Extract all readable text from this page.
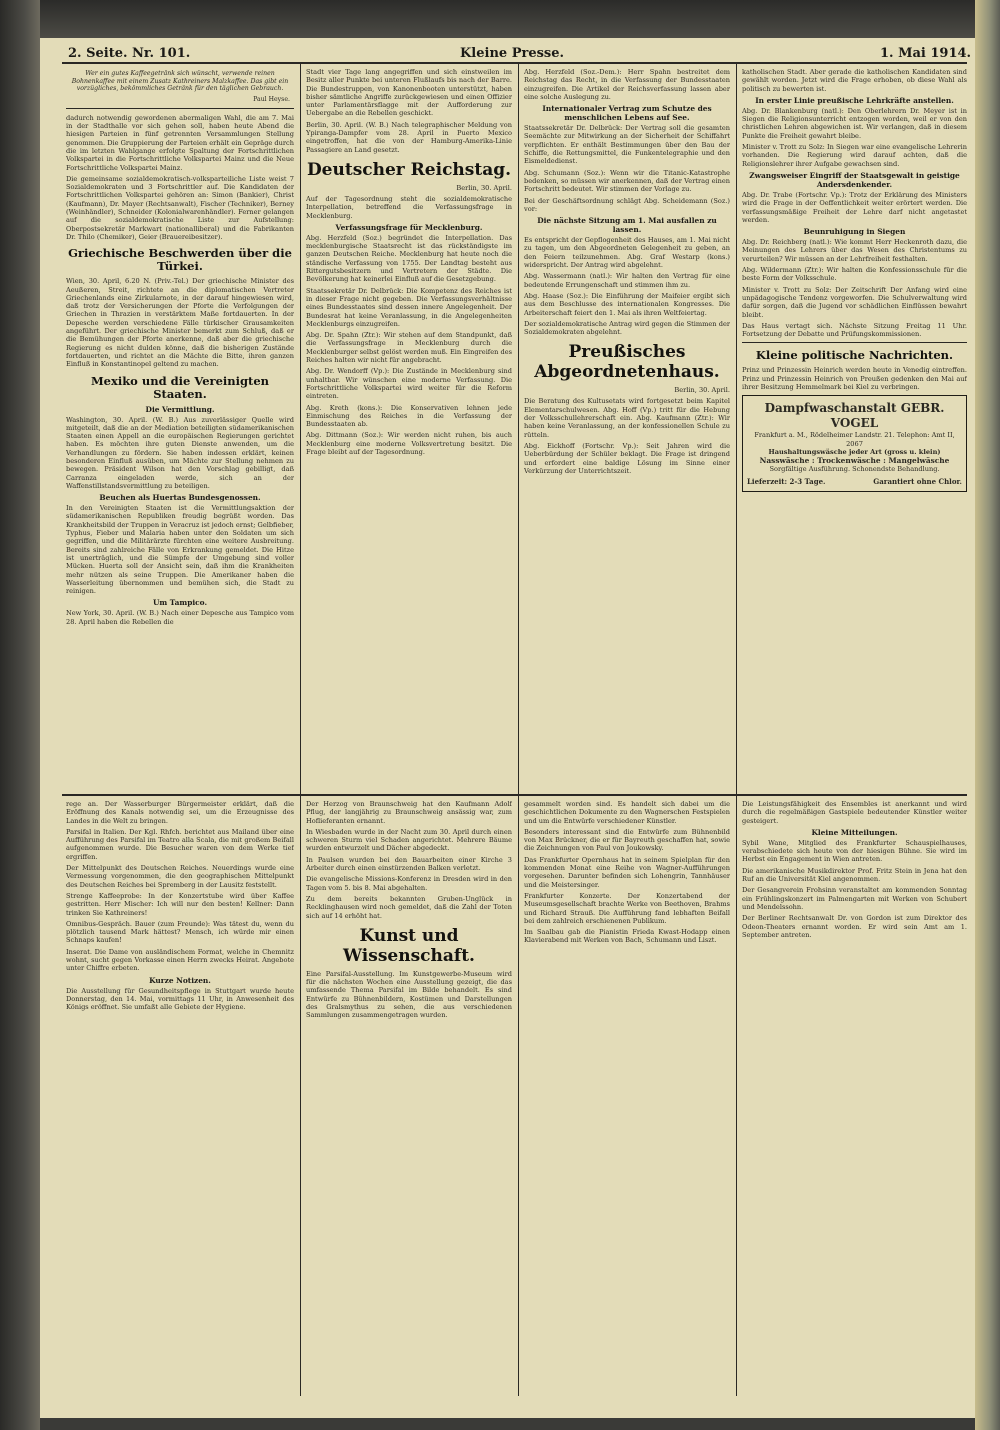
2. Seite. Nr. 101.	Kleine Presse.	1. Mai 1914.

Wer ein gutes Kaffeegetränk sich wünscht, verwende reinen Bohnenkaffee mit einem Zusatz Kathreiners Malzkaffee. Das gibt ein vorzügliches, bekömmliches Getränk für den täglichen Gebrauch.

Paul Heyse.

dadurch notwendig gewordenen abermaligen Wahl, die am 7. Mai in der Stadthalle vor sich gehen soll, haben heute Abend die hiesigen Parteien in fünf getrennten Versammlungen Stellung genommen. Die Gruppierung der Parteien erhält ein Gepräge durch die im letzten Wahlgange erfolgte Spaltung der Fortschrittlichen Volkspartei in die Fortschrittliche Volkspartei Mainz und die Neue Fortschrittliche Volkspartei Mainz.

Die gemeinsame sozialdemokratisch-volksparteiliche Liste weist 7 Sozialdemokraten und 3 Fortschrittler auf. Die Kandidaten der Fortschrittlichen Volkspartei gehören an: Simon (Bankier), Christ (Kaufmann), Dr. Mayer (Rechtsanwalt), Fischer (Techniker), Berney (Weinhändler), Schneider (Kolonialwarenhändler). Ferner gelangen auf die sozialdemokratische Liste zur Aufstellung: Oberpostsekretär Markwart (nationalliberal) und die Fabrikanten Dr. Thilo (Chemiker), Geier (Brauereibesitzer).

Griechische Beschwerden über die Türkei.

Wien, 30. April, 6.20 N. (Priv.-Tel.) Der griechische Minister des Aeußeren, Streit, richtete an die diplomatischen Vertreter Griechenlands eine Zirkularnote, in der darauf hingewiesen wird, daß trotz der Versicherungen der Pforte die Verfolgungen der Griechen in Thrazien in verstärktem Maße fortdauerten. In der Depesche werden verschiedene Fälle türkischer Grausamkeiten angeführt. Der griechische Minister bemerkt zum Schluß, daß er die Bemühungen der Pforte anerkenne, daß aber die griechische Regierung es nicht dulden könne, daß die bisherigen Zustände fortdauerten, und richtet an die Mächte die Bitte, ihren ganzen Einfluß in Konstantinopel geltend zu machen.

Mexiko und die Vereinigten Staaten.
Die Vermittlung.

Washington, 30. April. (W. B.) Aus zuverlässiger Quelle wird mitgeteilt, daß die an der Mediation beteiligten südamerikanischen Staaten einen Appell an die europäischen Regierungen gerichtet haben. Es möchten ihre guten Dienste anwenden, um die Verhandlungen zu fördern. Sie haben indessen erklärt, keinen besonderen Einfluß ausüben, um Mächte zur Stellung nehmen zu bewegen. Präsident Wilson hat den Vorschlag gebilligt, daß Carranza eingeladen werde, sich an der Waffenstillstandsvermittlung zu beteiligen.

Beuchen als Huertas Bundesgenossen.

In den Vereinigten Staaten ist die Vermittlungsaktion der südamerikanischen Republiken freudig begrüßt worden. Das Krankheitsbild der Truppen in Veracruz ist jedoch ernst; Gelbfieber, Typhus, Fieber und Malaria haben unter den Soldaten um sich gegriffen, und die Militärärzte fürchten eine weitere Ausbreitung. Bereits sind zahlreiche Fälle von Erkrankung gemeldet. Die Hitze ist unerträglich, und die Sümpfe der Umgebung sind voller Mücken. Huerta soll der Ansicht sein, daß ihm die Krankheiten mehr nützen als seine Truppen. Die Amerikaner haben die Wasserleitung übernommen und bemühen sich, die Stadt zu reinigen.

Um Tampico.

New York, 30. April. (W. B.) Nach einer Depesche aus Tampico vom 28. April haben die Rebellen die

Stadt vier Tage lang angegriffen und sich einstweilen im Besitz aller Punkte bei unteren Flußlaufs bis nach der Barre. Die Bundestruppen, von Kanonenbooten unterstützt, haben bisher sämtliche Angriffe zurückgewiesen und einen Offizier unter Parlamentärsflagge mit der Aufforderung zur Uebergabe an die Rebellen geschickt.

Berlin, 30. April. (W. B.) Nach telegraphischer Meldung von Ypiranga-Dampfer vom 28. April in Puerto Mexico eingetroffen, hat die von der Hamburg-Amerika-Linie Passagiere an Land gesetzt.

Deutscher Reichstag.
Berlin, 30. April.

Auf der Tagesordnung steht die sozialdemokratische Interpellation, betreffend die Verfassungsfrage in Mecklenburg.

Verfassungsfrage für Mecklenburg.

Abg. Herzfeld (Soz.) begründet die Interpellation. Das mecklenburgische Staatsrecht ist das rückständigste im ganzen Deutschen Reiche. Mecklenburg hat heute noch die ständische Verfassung von 1755. Der Landtag besteht aus Rittergutsbesitzern und Vertretern der Städte. Die Bevölkerung hat keinerlei Einfluß auf die Gesetzgebung.

Staatssekretär Dr. Delbrück: Die Kompetenz des Reiches ist in dieser Frage nicht gegeben. Die Verfassungsverhältnisse eines Bundesstaates sind dessen innere Angelegenheit. Der Bundesrat hat keine Veranlassung, in die Angelegenheiten Mecklenburgs einzugreifen.

Abg. Dr. Spahn (Ztr.): Wir stehen auf dem Standpunkt, daß die Verfassungsfrage in Mecklenburg durch die Mecklenburger selbst gelöst werden muß. Ein Eingreifen des Reiches halten wir nicht für angebracht.

Abg. Dr. Wendorff (Vp.): Die Zustände in Mecklenburg sind unhaltbar. Wir wünschen eine moderne Verfassung. Die Fortschrittliche Volkspartei wird weiter für die Reform eintreten.

Abg. Kreth (kons.): Die Konservativen lehnen jede Einmischung des Reiches in die Verfassung der Bundesstaaten ab.

Abg. Dittmann (Soz.): Wir werden nicht ruhen, bis auch Mecklenburg eine moderne Volksvertretung besitzt. Die Frage bleibt auf der Tagesordnung.

Abg. Herzfeld (Soz.-Dem.): Herr Spahn bestreitet dem Reichstag das Recht, in die Verfassung der Bundesstaaten einzugreifen. Die Artikel der Reichsverfassung lassen aber eine solche Auslegung zu.

Internationaler Vertrag zum Schutze des menschlichen Lebens auf See.

Staatssekretär Dr. Delbrück: Der Vertrag soll die gesamten Seemächte zur Mitwirkung an der Sicherheit der Schiffahrt verpflichten. Er enthält Bestimmungen über den Bau der Schiffe, die Rettungsmittel, die Funkentelegraphie und den Eismeldedienst.

Abg. Schumann (Soz.): Wenn wir die Titanic-Katastrophe bedenken, so müssen wir anerkennen, daß der Vertrag einen Fortschritt bedeutet. Wir stimmen der Vorlage zu.

Bei der Geschäftsordnung schlägt Abg. Scheidemann (Soz.) vor:

Die nächste Sitzung am 1. Mai ausfallen zu lassen.

Es entspricht der Gepflogenheit des Hauses, am 1. Mai nicht zu tagen, um den Abgeordneten Gelegenheit zu geben, an den Feiern teilzunehmen. Abg. Graf Westarp (kons.) widerspricht. Der Antrag wird abgelehnt.

Abg. Wassermann (natl.): Wir halten den Vertrag für eine bedeutende Errungenschaft und stimmen ihm zu.

Abg. Haase (Soz.): Die Einführung der Maifeier ergibt sich aus dem Beschlusse des internationalen Kongresses. Die Arbeiterschaft feiert den 1. Mai als ihren Weltfeiertag.

Der sozialdemokratische Antrag wird gegen die Stimmen der Sozialdemokraten abgelehnt.

Preußisches Abgeordnetenhaus.
Berlin, 30. April.

Die Beratung des Kultusetats wird fortgesetzt beim Kapitel Elementarschulwesen. Abg. Hoff (Vp.) tritt für die Hebung der Volksschullehrerschaft ein. Abg. Kaufmann (Ztr.): Wir haben keine Veranlassung, an der konfessionellen Schule zu rütteln.

Abg. Eickhoff (Fortschr. Vp.): Seit Jahren wird die Ueberbürdung der Schüler beklagt. Die Frage ist dringend und erfordert eine baldige Lösung im Sinne einer Verkürzung der Unterrichtszeit.

katholischen Stadt. Aber gerade die katholischen Kandidaten sind gewählt worden. Jetzt wird die Frage erhoben, ob diese Wahl als politisch zu bewerten ist.

In erster Linie preußische Lehrkräfte anstellen.

Abg. Dr. Blankenburg (natl.): Den Oberlehrern Dr. Meyer ist in Siegen die Religionsunterricht entzogen worden, weil er von den christlichen Lehren abgewichen ist. Wir verlangen, daß in diesem Punkte die Freiheit gewahrt bleibe.

Minister v. Trott zu Solz: In Siegen war eine evangelische Lehrerin vorhanden. Die Regierung wird darauf achten, daß die Religionslehrer ihrer Aufgabe gewachsen sind.

Zwangsweiser Eingriff der Staatsgewalt in geistige Andersdenkender.

Abg. Dr. Trabe (Fortschr. Vp.): Trotz der Erklärung des Ministers wird die Frage in der Oeffentlichkeit weiter erörtert werden. Die verfassungsmäßige Freiheit der Lehre darf nicht angetastet werden.

Beunruhigung in Siegen

Abg. Dr. Reichberg (natl.): Wie kommt Herr Heckenroth dazu, die Meinungen des Lehrers über das Wesen des Christentums zu verurteilen? Wir müssen an der Lehrfreiheit festhalten.

Abg. Wildermann (Ztr.): Wir halten die Konfessionsschule für die beste Form der Volksschule.

Minister v. Trott zu Solz: Der Zeitschrift Der Anfang wird eine unpädagogische Tendenz vorgeworfen. Die Schulverwaltung wird dafür sorgen, daß die Jugend vor schädlichen Einflüssen bewahrt bleibt.

Das Haus vertagt sich. Nächste Sitzung Freitag 11 Uhr. Fortsetzung der Debatte und Prüfungskommissionen.

Kleine politische Nachrichten.

Prinz und Prinzessin Heinrich werden heute in Venedig eintreffen. Prinz und Prinzessin Heinrich von Preußen gedenken den Mai auf ihrer Besitzung Hemmelmark bei Kiel zu verbringen.

Dampfwaschanstalt GEBR. VOGEL
Frankfurt a. M., Rödelheimer Landstr. 21. Telephon: Amt II, 2067
Haushaltungswäsche jeder Art (gross u. klein)
Nasswäsche : Trockenwäsche : Mangelwäsche
Sorgfältige Ausführung. Schonendste Behandlung.
Lieferzeit: 2-3 Tage.	Garantiert ohne Chlor.

rege an. Der Wasserburger Bürgermeister erklärt, daß die Eröffnung des Kanals notwendig sei, um die Erzeugnisse des Landes in die Welt zu bringen.

Parsifal in Italien. Der Kgl. Rhfch. berichtet aus Mailand über eine Aufführung des Parsifal im Teatro alla Scala, die mit großem Beifall aufgenommen wurde. Die Besucher waren von dem Werke tief ergriffen.

Der Mittelpunkt des Deutschen Reiches. Neuerdings wurde eine Vermessung vorgenommen, die den geographischen Mittelpunkt des Deutschen Reiches bei Spremberg in der Lausitz feststellt.

Strenge Kaffeeprobe: In der Konzertstube wird über Kaffee gestritten. Herr Mischer: Ich will nur den besten! Kellner: Dann trinken Sie Kathreiners!

Omnibus-Gespräch. Bauer (zum Freunde): Was tätest du, wenn du plötzlich tausend Mark hättest? Mensch, ich würde mir einen Schnaps kaufen!

Inserat. Die Dame von ausländischem Format, welche in Chemnitz wohnt, sucht gegen Vorkasse einen Herrn zwecks Heirat. Angebote unter Chiffre erbeten.

Kurze Notizen.

Die Ausstellung für Gesundheitspflege in Stuttgart wurde heute Donnerstag, den 14. Mai, vormittags 11 Uhr, in Anwesenheit des Königs eröffnet. Sie umfaßt alle Gebiete der Hygiene.

Der Herzog von Braunschweig hat den Kaufmann Adolf Pflug, der langjährig zu Braunschweig ansässig war, zum Hoflieferanten ernannt.

In Wiesbaden wurde in der Nacht zum 30. April durch einen schweren Sturm viel Schaden angerichtet. Mehrere Bäume wurden entwurzelt und Dächer abgedeckt.

In Paulsen wurden bei den Bauarbeiten einer Kirche 3 Arbeiter durch einen einstürzenden Balken verletzt.

Die evangelische Missions-Konferenz in Dresden wird in den Tagen vom 5. bis 8. Mai abgehalten.

Zu dem bereits bekannten Gruben-Unglück in Recklinghausen wird noch gemeldet, daß die Zahl der Toten sich auf 14 erhöht hat.

Kunst und Wissenschaft.

Eine Parsifal-Ausstellung. Im Kunstgewerbe-Museum wird für die nächsten Wochen eine Ausstellung gezeigt, die das umfassende Thema Parsifal im Bilde behandelt. Es sind Entwürfe zu Bühnenbildern, Kostümen und Darstellungen des Gralsmythus zu sehen, die aus verschiedenen Sammlungen zusammengetragen wurden.

gesammelt worden sind. Es handelt sich dabei um die geschichtlichen Dokumente zu den Wagnerschen Festspielen und um die Entwürfe verschiedener Künstler.

Besonders interessant sind die Entwürfe zum Bühnenbild von Max Brückner, die er für Bayreuth geschaffen hat, sowie die Zeichnungen von Paul von Joukowsky.

Das Frankfurter Opernhaus hat in seinem Spielplan für den kommenden Monat eine Reihe von Wagner-Aufführungen vorgesehen. Darunter befinden sich Lohengrin, Tannhäuser und die Meistersinger.

Frankfurter Konzerte. Der Konzertabend der Museumsgesellschaft brachte Werke von Beethoven, Brahms und Richard Strauß. Die Aufführung fand lebhaften Beifall bei dem zahlreich erschienenen Publikum.

Im Saalbau gab die Pianistin Frieda Kwast-Hodapp einen Klavierabend mit Werken von Bach, Schumann und Liszt.

Die Leistungsfähigkeit des Ensembles ist anerkannt und wird durch die regelmäßigen Gastspiele bedeutender Künstler weiter gesteigert.

Kleine Mitteilungen.

Sybil Wane, Mitglied des Frankfurter Schauspielhauses, verabschiedete sich heute von der hiesigen Bühne. Sie wird im Herbst ein Engagement in Wien antreten.

Die amerikanische Musikdirektor Prof. Fritz Stein in Jena hat den Ruf an die Universität Kiel angenommen.

Der Gesangverein Frohsinn veranstaltet am kommenden Sonntag ein Frühlingskonzert im Palmengarten mit Werken von Schubert und Mendelssohn.

Der Berliner Rechtsanwalt Dr. von Gordon ist zum Direktor des Odeon-Theaters ernannt worden. Er wird sein Amt am 1. September antreten.
